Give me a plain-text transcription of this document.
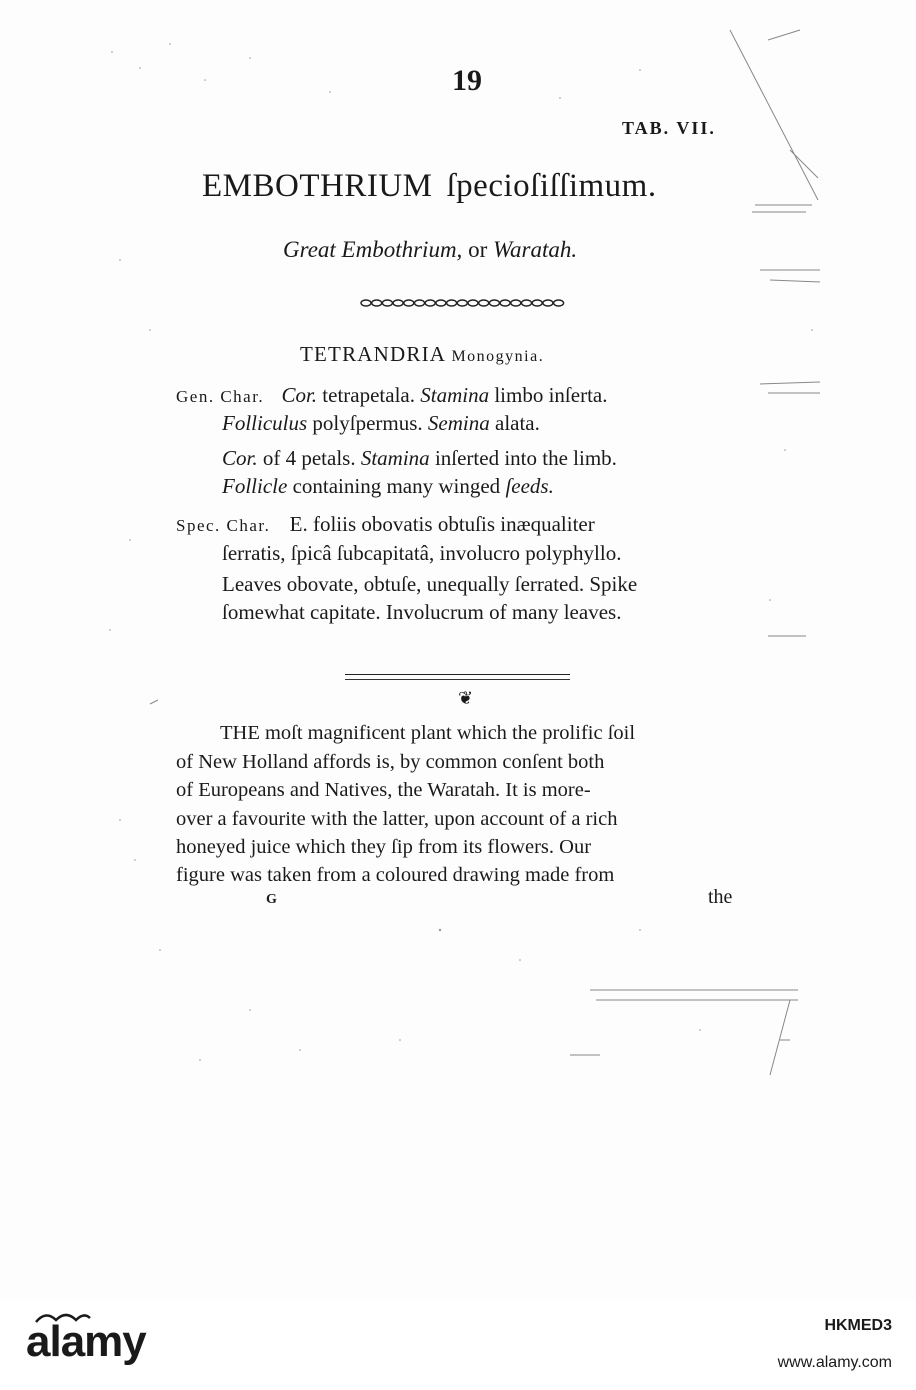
19
TAB. VII.
EMBOTHRIUM ſpecioſiſſimum.
Great Embothrium, or Waratah.
TETRANDRIA Monogynia.
Gen. Char. Cor. tetrapetala. Stamina limbo inſerta.
Folliculus polyſpermus. Semina alata.
Cor. of 4 petals. Stamina inſerted into the limb.
Follicle containing many winged ſeeds.
Spec. Char. E. foliis obovatis obtuſis inæqualiter
ſerratis, ſpicâ ſubcapitatâ, involucro polyphyllo.
Leaves obovate, obtuſe, unequally ſerrated. Spike
ſomewhat capitate. Involucrum of many leaves.
❦
THE moſt magnificent plant which the prolific ſoil
of New Holland affords is, by common conſent both
of Europeans and Natives, the Waratah. It is more-
over a favourite with the latter, upon account of a rich
honeyed juice which they ſip from its flowers. Our
figure was taken from a coloured drawing made from
G	the
alamy	HKMED3
www.alamy.com
